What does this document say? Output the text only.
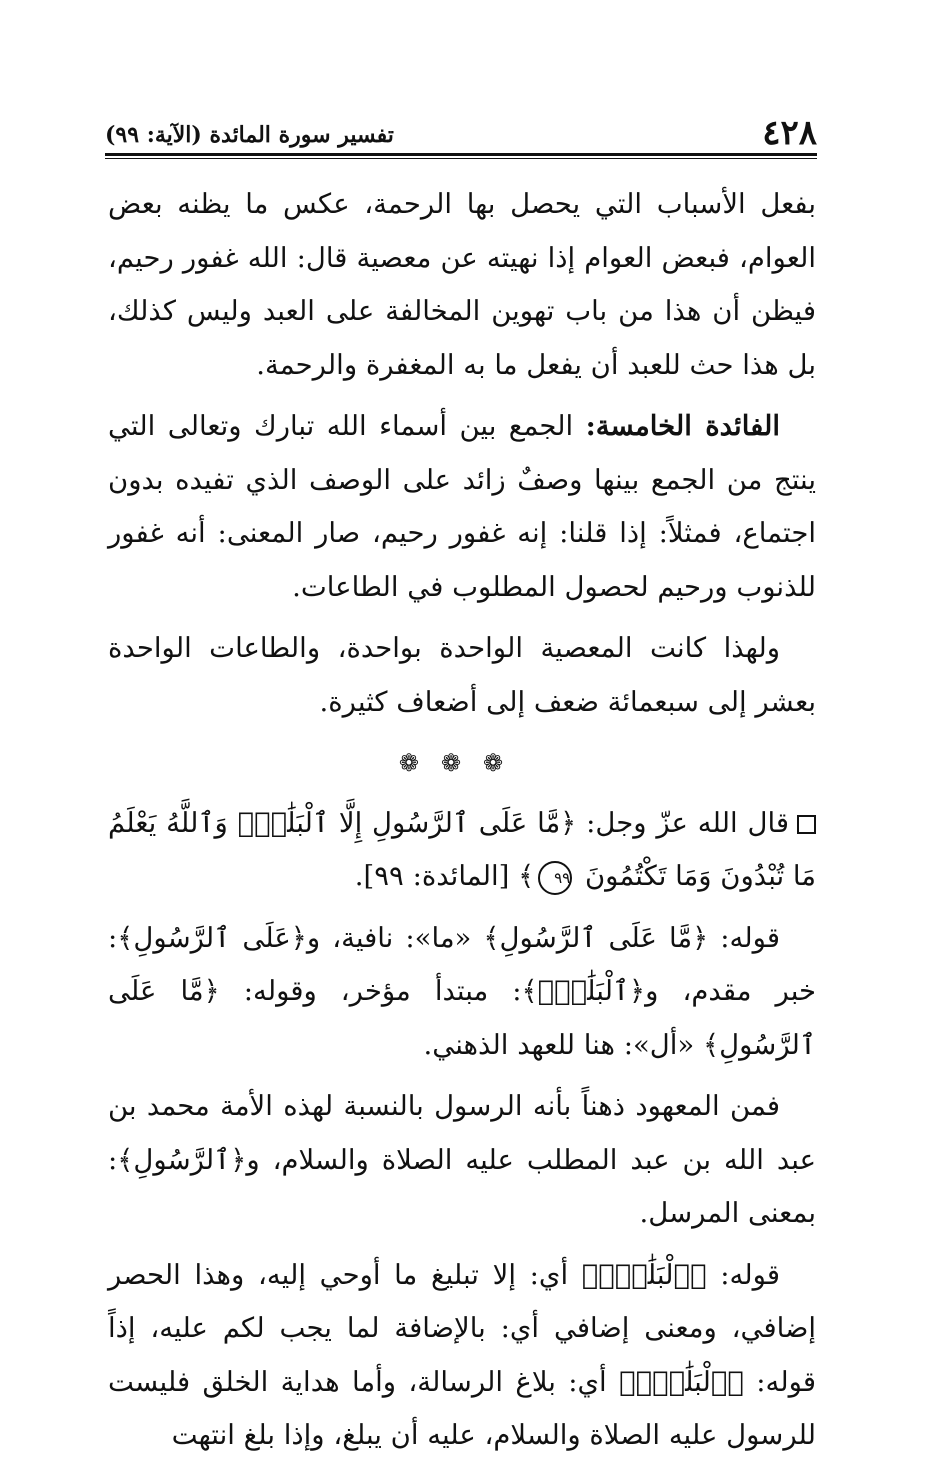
٤٢٨
تفسير سورة المائدة (الآية: ٩٩)

بفعل الأسباب التي يحصل بها الرحمة، عكس ما يظنه بعض العوام، فبعض العوام إذا نهيته عن معصية قال: الله غفور رحيم، فيظن أن هذا من باب تهوين المخالفة على العبد وليس كذلك، بل هذا حث للعبد أن يفعل ما به المغفرة والرحمة.

الفائدة الخامسة: الجمع بين أسماء الله تبارك وتعالى التي ينتج من الجمع بينها وصفٌ زائد على الوصف الذي تفيده بدون اجتماع، فمثلاً: إذا قلنا: إنه غفور رحيم، صار المعنى: أنه غفور للذنوب ورحيم لحصول المطلوب في الطاعات.

ولهذا كانت المعصية الواحدة بواحدة، والطاعات الواحدة بعشر إلى سبعمائة ضعف إلى أضعاف كثيرة.

❁❁❁

قال الله عزّ وجل: ﴿مَّا عَلَى ٱلرَّسُولِ إِلَّا ٱلْبَلَٰغُۗ وَٱللَّهُ يَعْلَمُ مَا تُبْدُونَ وَمَا تَكْتُمُونَ ٩٩﴾ [المائدة: ٩٩].

قوله: ﴿مَّا عَلَى ٱلرَّسُولِ﴾ «ما»: نافية، و﴿عَلَى ٱلرَّسُولِ﴾: خبر مقدم، و﴿ٱلْبَلَٰغُۗ﴾: مبتدأ مؤخر، وقوله: ﴿مَّا عَلَى ٱلرَّسُولِ﴾ «أل»: هنا للعهد الذهني.

فمن المعهود ذهناً بأنه الرسول بالنسبة لهذه الأمة محمد بن عبد الله بن عبد المطلب عليه الصلاة والسلام، و﴿ٱلرَّسُولِ﴾: بمعنى المرسل.

قوله: ﴿ٱلْبَلَٰغُۗ﴾ أي: إلا تبليغ ما أوحي إليه، وهذا الحصر إضافي، ومعنى إضافي أي: بالإضافة لما يجب لكم عليه، إذاً قوله: ﴿ٱلْبَلَٰغُۗ﴾ أي: بلاغ الرسالة، وأما هداية الخلق فليست للرسول عليه الصلاة والسلام، عليه أن يبلغ، وإذا بلغ انتهت
